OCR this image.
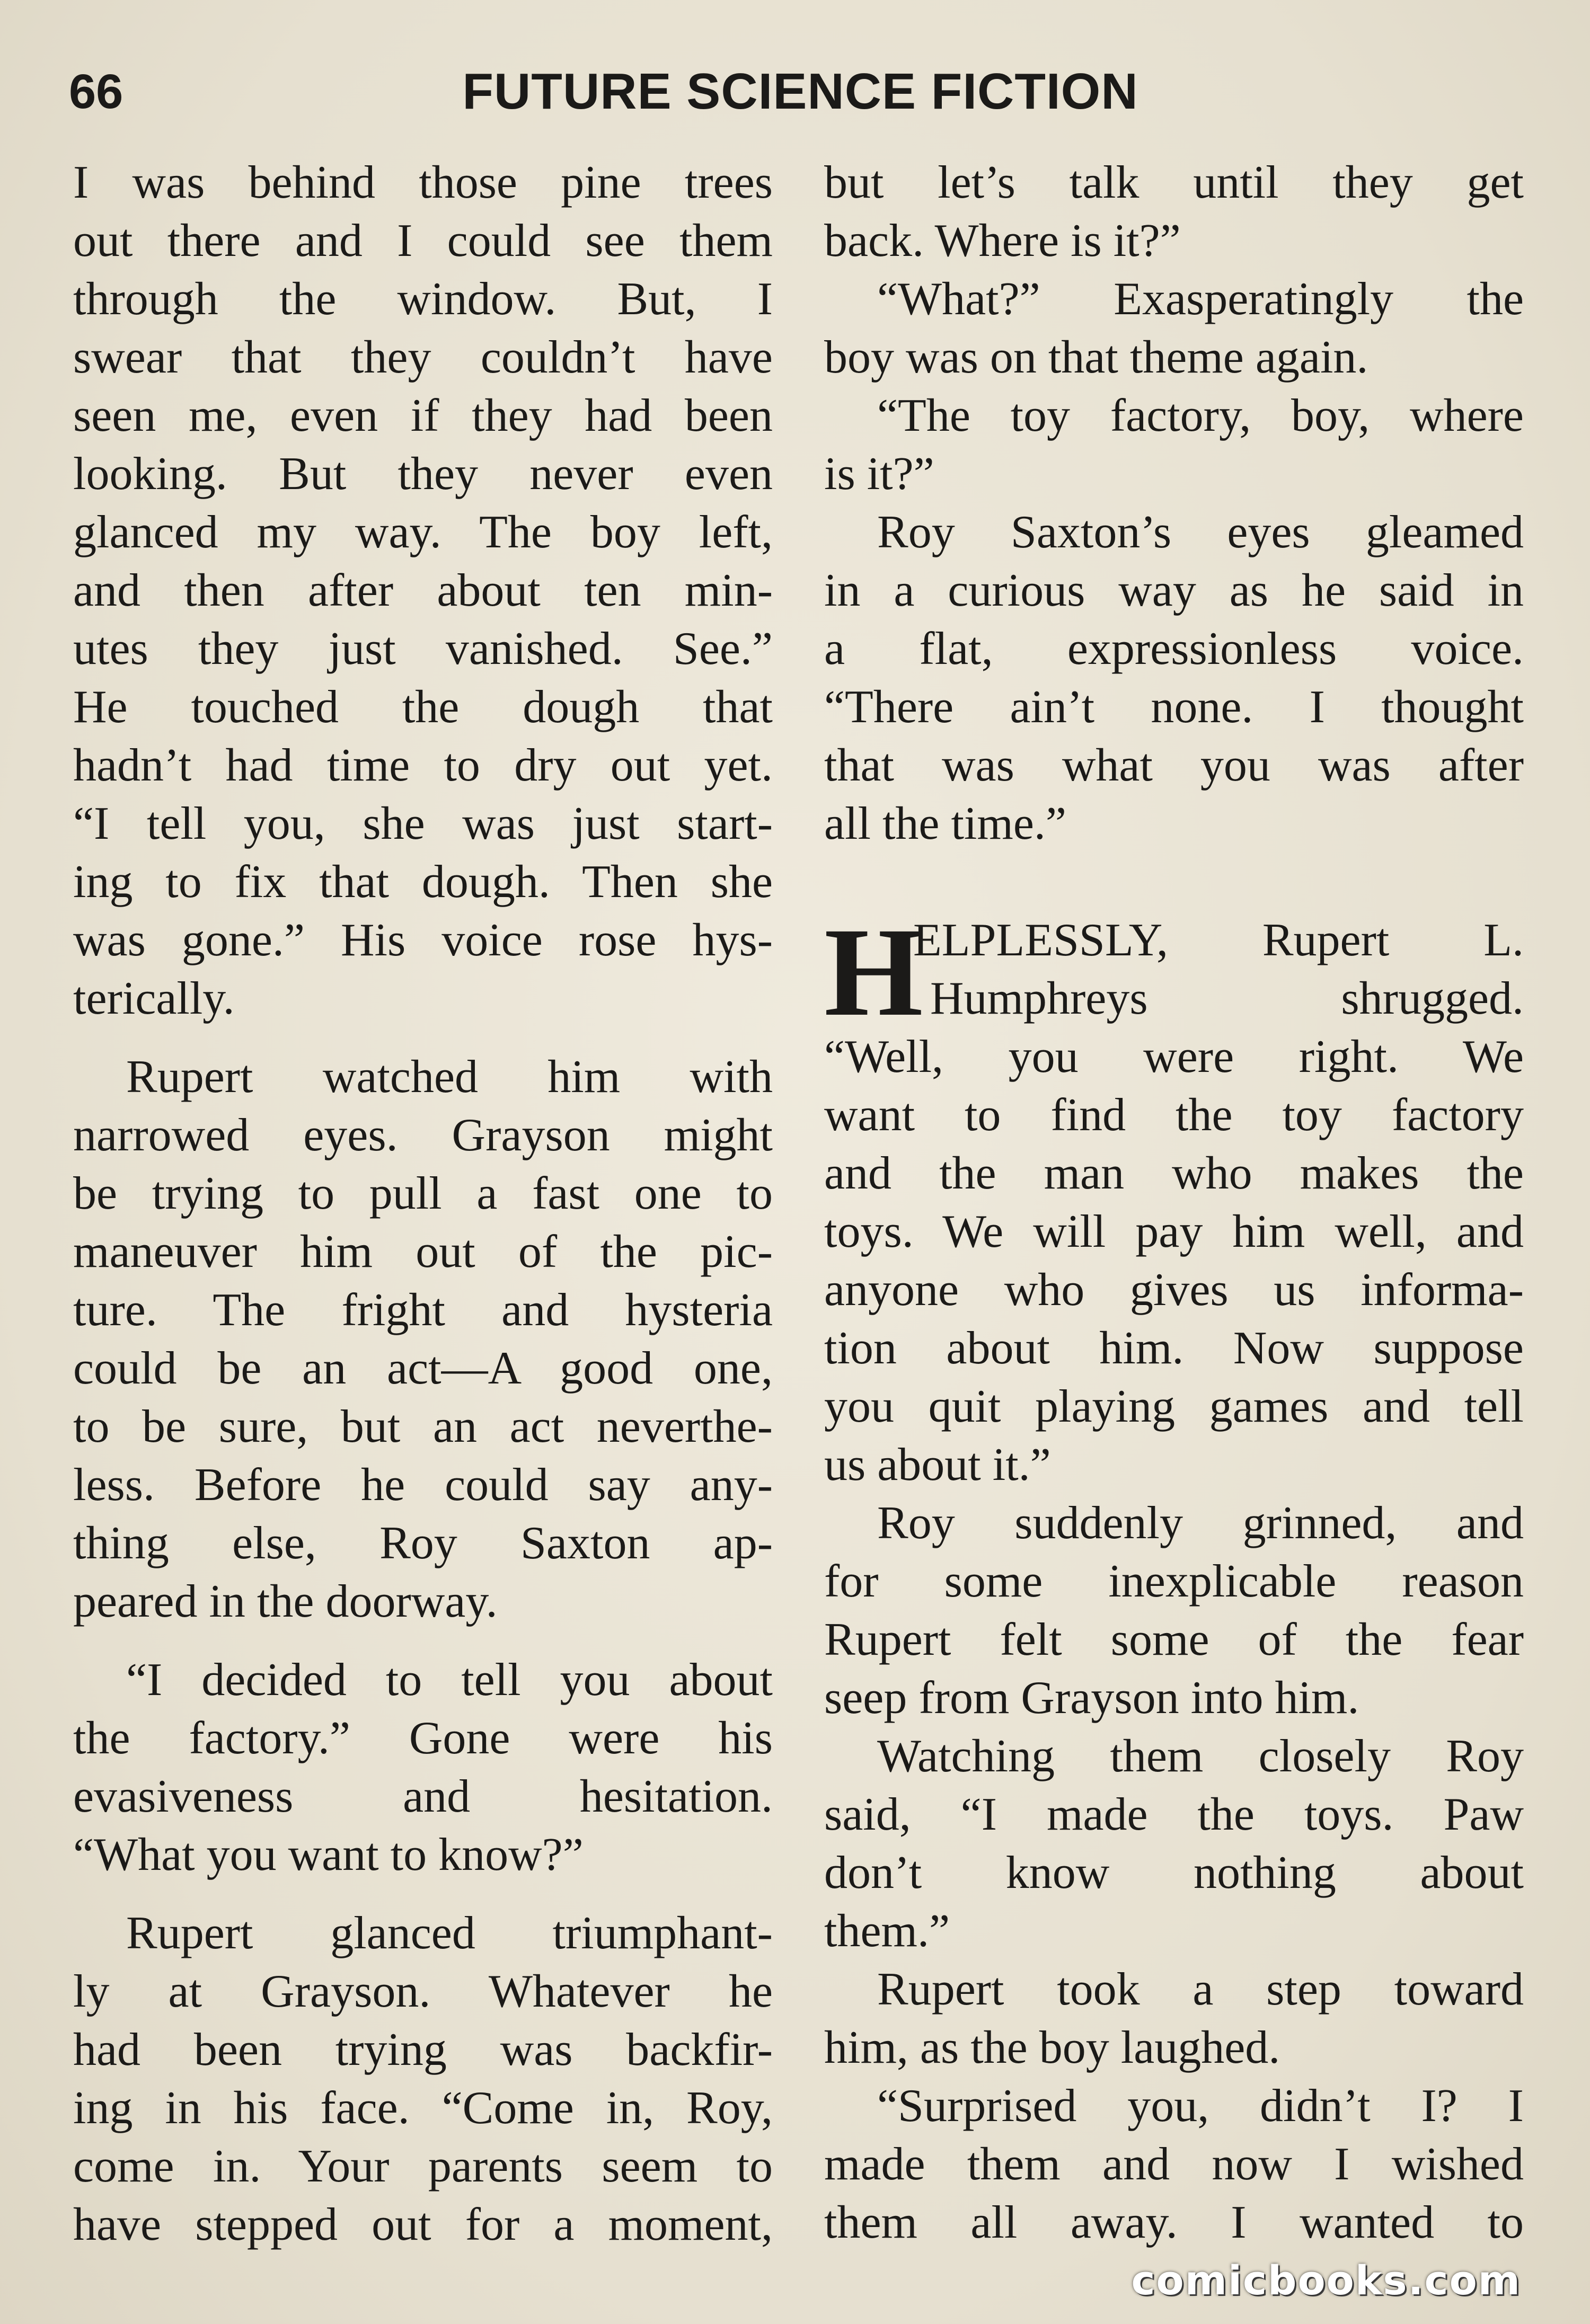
66	FUTURE SCIENCE FICTION
I was behind those pine trees
out there and I could see them
through the window. But, I
swear that they couldn’t have
seen me, even if they had been
looking. But they never even
glanced my way. The boy left,
and then after about ten min-
utes they just vanished. See.”
He touched the dough that
hadn’t had time to dry out yet.
“I tell you, she was just start-
ing to fix that dough. Then she
was gone.” His voice rose hys-
terically.
Rupert watched him with
narrowed eyes. Grayson might
be trying to pull a fast one to
maneuver him out of the pic-
ture. The fright and hysteria
could be an act—A good one,
to be sure, but an act neverthe-
less. Before he could say any-
thing else, Roy Saxton ap-
peared in the doorway.
“I decided to tell you about
the factory.” Gone were his
evasiveness and hesitation.
“What you want to know?”
Rupert glanced triumphant-
ly at Grayson. Whatever he
had been trying was backfir-
ing in his face. “Come in, Roy,
come in. Your parents seem to
have stepped out for a moment,
but let’s talk until they get
back. Where is it?”
“What?” Exasperatingly the
boy was on that theme again.
“The toy factory, boy, where
is it?”
Roy Saxton’s eyes gleamed
in a curious way as he said in
a flat, expressionless voice.
“There ain’t none. I thought
that was what you was after
all the time.”
H
ELPLESSLY, Rupert L.
Humphreys shrugged.
“Well, you were right. We
want to find the toy factory
and the man who makes the
toys. We will pay him well, and
anyone who gives us informa-
tion about him. Now suppose
you quit playing games and tell
us about it.”
Roy suddenly grinned, and
for some inexplicable reason
Rupert felt some of the fear
seep from Grayson into him.
Watching them closely Roy
said, “I made the toys. Paw
don’t know nothing about
them.”
Rupert took a step toward
him, as the boy laughed.
“Surprised you, didn’t I? I
made them and now I wished
them all away. I wanted to
comicbooks.com
